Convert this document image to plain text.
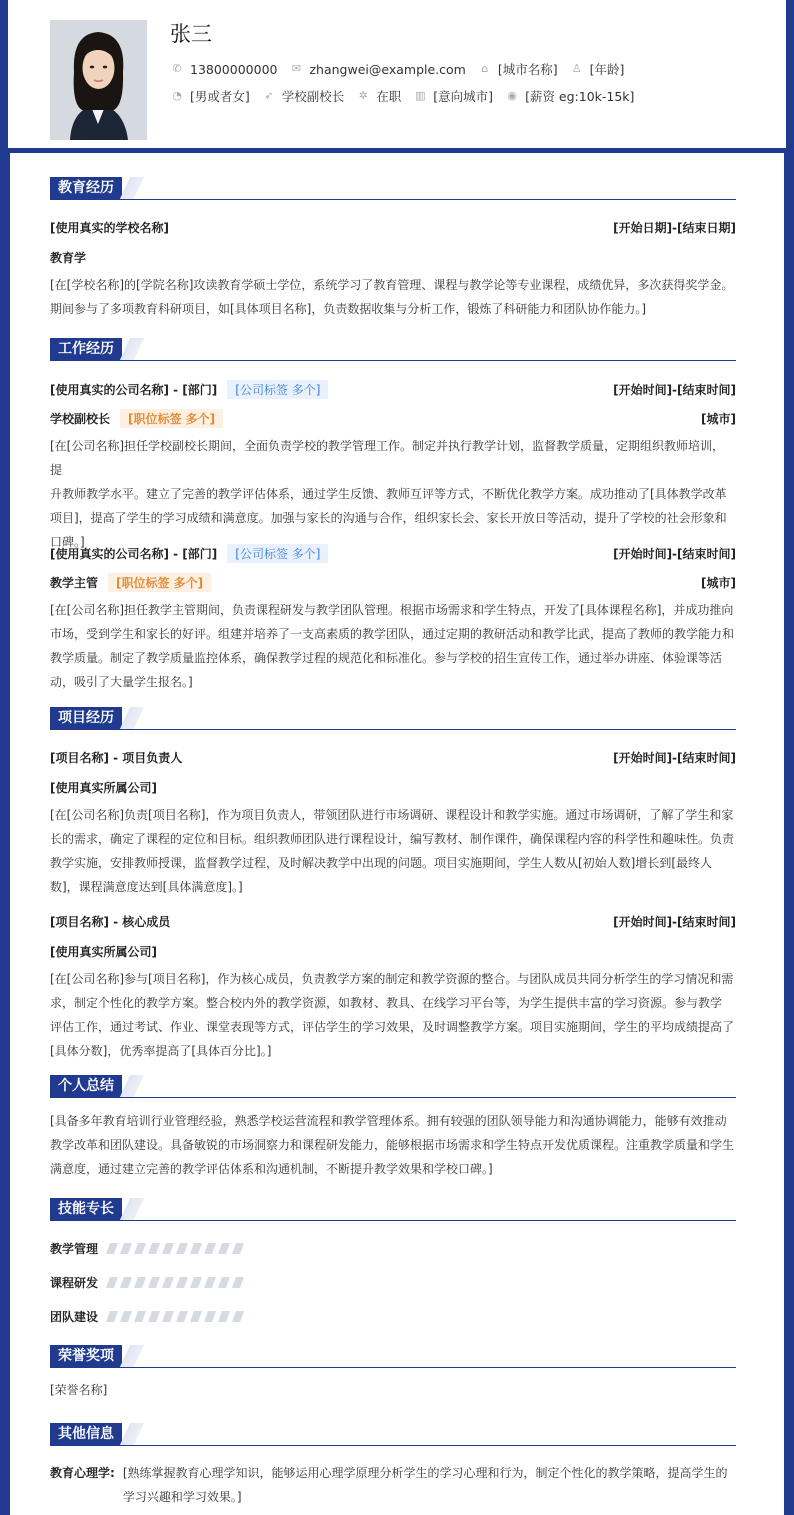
张三
✆ 13800000000 ✉ zhangwei@example.com	⌂ [城市名称] ♙ [年龄]
◔ [男或者女] ➶ 学校副校长 ✲ 在职 ▥ [意向城市] ◉ [薪资 eg:10k-15k]
教育经历
[使用真实的学校名称]	[开始日期]-[结束日期]
教育学
[在[学校名称]的[学院名称]攻读教育学硕士学位，系统学习了教育管理、课程与教学论等专业课程，成绩优异，多次获得奖学金。
期间参与了多项教育科研项目，如[具体项目名称]，负责数据收集与分析工作，锻炼了科研能力和团队协作能力。]
工作经历
[使用真实的公司名称] - [部门]	[公司标签 多个]	[开始时间]-[结束时间]
学校副校长	[职位标签 多个]	[城市]
[在[公司名称]担任学校副校长期间，全面负责学校的教学管理工作。制定并执行教学计划，监督教学质量，定期组织教师培训，提
升教师教学水平。建立了完善的教学评估体系，通过学生反馈、教师互评等方式，不断优化教学方案。成功推动了[具体教学改革
项目]，提高了学生的学习成绩和满意度。加强与家长的沟通与合作，组织家长会、家长开放日等活动，提升了学校的社会形象和
口碑。]
[使用真实的公司名称] - [部门]	[公司标签 多个]	[开始时间]-[结束时间]
教学主管	[职位标签 多个]	[城市]
[在[公司名称]担任教学主管期间，负责课程研发与教学团队管理。根据市场需求和学生特点，开发了[具体课程名称]，并成功推向
市场，受到学生和家长的好评。组建并培养了一支高素质的教学团队，通过定期的教研活动和教学比武，提高了教师的教学能力和
教学质量。制定了教学质量监控体系，确保教学过程的规范化和标准化。参与学校的招生宣传工作，通过举办讲座、体验课等活
动，吸引了大量学生报名。]
项目经历
[项目名称] - 项目负责人	[开始时间]-[结束时间]
[使用真实所属公司]
[在[公司名称]负责[项目名称]，作为项目负责人，带领团队进行市场调研、课程设计和教学实施。通过市场调研，了解了学生和家
长的需求，确定了课程的定位和目标。组织教师团队进行课程设计，编写教材、制作课件，确保课程内容的科学性和趣味性。负责
教学实施，安排教师授课，监督教学过程，及时解决教学中出现的问题。项目实施期间，学生人数从[初始人数]增长到[最终人
数]，课程满意度达到[具体满意度]。]
[项目名称] - 核心成员	[开始时间]-[结束时间]
[使用真实所属公司]
[在[公司名称]参与[项目名称]，作为核心成员，负责教学方案的制定和教学资源的整合。与团队成员共同分析学生的学习情况和需
求，制定个性化的教学方案。整合校内外的教学资源，如教材、教具、在线学习平台等，为学生提供丰富的学习资源。参与教学
评估工作，通过考试、作业、课堂表现等方式，评估学生的学习效果，及时调整教学方案。项目实施期间，学生的平均成绩提高了
[具体分数]，优秀率提高了[具体百分比]。]
个人总结
[具备多年教育培训行业管理经验，熟悉学校运营流程和教学管理体系。拥有较强的团队领导能力和沟通协调能力，能够有效推动
教学改革和团队建设。具备敏锐的市场洞察力和课程研发能力，能够根据市场需求和学生特点开发优质课程。注重教学质量和学生
满意度，通过建立完善的教学评估体系和沟通机制，不断提升教学效果和学校口碑。]
技能专长
教学管理
课程研发
团队建设
荣誉奖项
[荣誉名称]
其他信息
教育心理学: [熟练掌握教育心理学知识，能够运用心理学原理分析学生的学习心理和行为，制定个性化的教学策略，提高学生的
学习兴趣和学习效果。]
